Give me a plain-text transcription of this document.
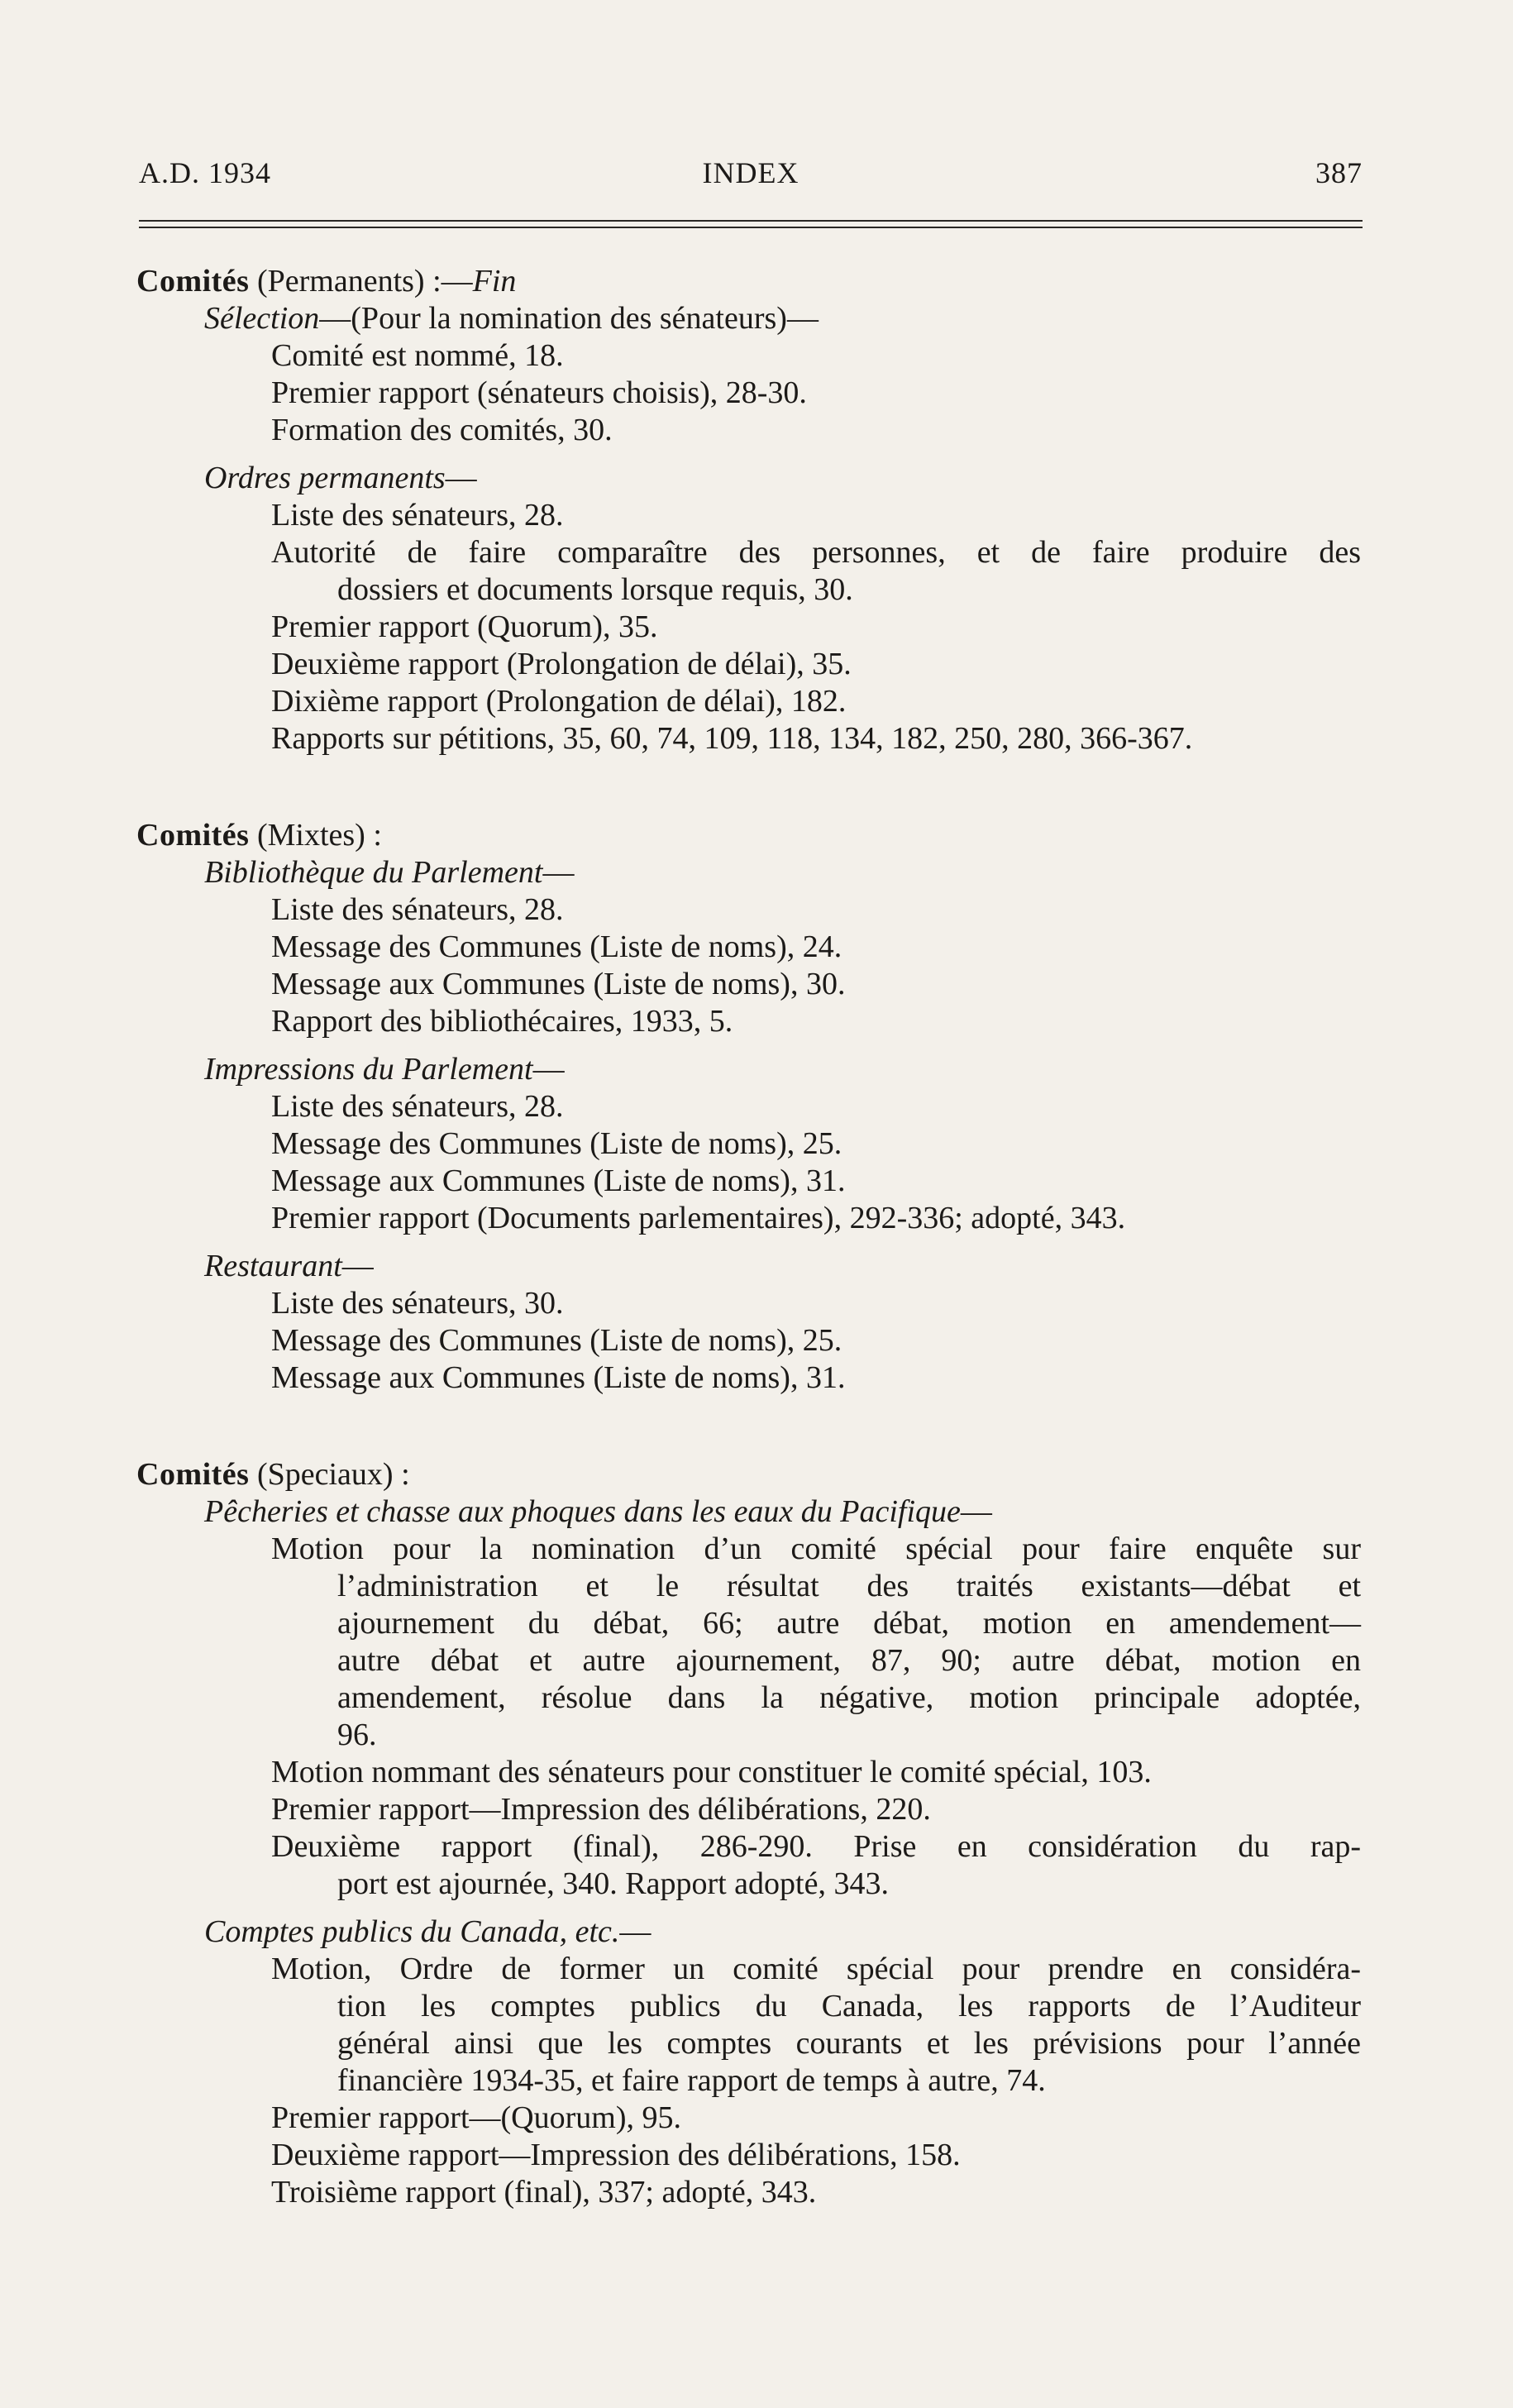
A.D. 1934	INDEX	387
Comités (Permanents) :—Fin
Sélection—(Pour la nomination des sénateurs)—
Comité est nommé, 18.
Premier rapport (sénateurs choisis), 28-30.
Formation des comités, 30.
Ordres permanents—
Liste des sénateurs, 28.
Autorité de faire comparaître des personnes, et de faire produire des
dossiers et documents lorsque requis, 30.
Premier rapport (Quorum), 35.
Deuxième rapport (Prolongation de délai), 35.
Dixième rapport (Prolongation de délai), 182.
Rapports sur pétitions, 35, 60, 74, 109, 118, 134, 182, 250, 280, 366-367.
Comités (Mixtes) :
Bibliothèque du Parlement—
Liste des sénateurs, 28.
Message des Communes (Liste de noms), 24.
Message aux Communes (Liste de noms), 30.
Rapport des bibliothécaires, 1933, 5.
Impressions du Parlement—
Liste des sénateurs, 28.
Message des Communes (Liste de noms), 25.
Message aux Communes (Liste de noms), 31.
Premier rapport (Documents parlementaires), 292-336; adopté, 343.
Restaurant—
Liste des sénateurs, 30.
Message des Communes (Liste de noms), 25.
Message aux Communes (Liste de noms), 31.
Comités (Speciaux) :
Pêcheries et chasse aux phoques dans les eaux du Pacifique—
Motion pour la nomination d’un comité spécial pour faire enquête sur
l’administration et le résultat des traités existants—débat et
ajournement du débat, 66; autre débat, motion en amendement—
autre débat et autre ajournement, 87, 90; autre débat, motion en
amendement, résolue dans la négative, motion principale adoptée,
96.
Motion nommant des sénateurs pour constituer le comité spécial, 103.
Premier rapport—Impression des délibérations, 220.
Deuxième rapport (final), 286-290. Prise en considération du rap-
port est ajournée, 340. Rapport adopté, 343.
Comptes publics du Canada, etc.—
Motion, Ordre de former un comité spécial pour prendre en considéra-
tion les comptes publics du Canada, les rapports de l’Auditeur
général ainsi que les comptes courants et les prévisions pour l’année
financière 1934-35, et faire rapport de temps à autre, 74.
Premier rapport—(Quorum), 95.
Deuxième rapport—Impression des délibérations, 158.
Troisième rapport (final), 337; adopté, 343.
